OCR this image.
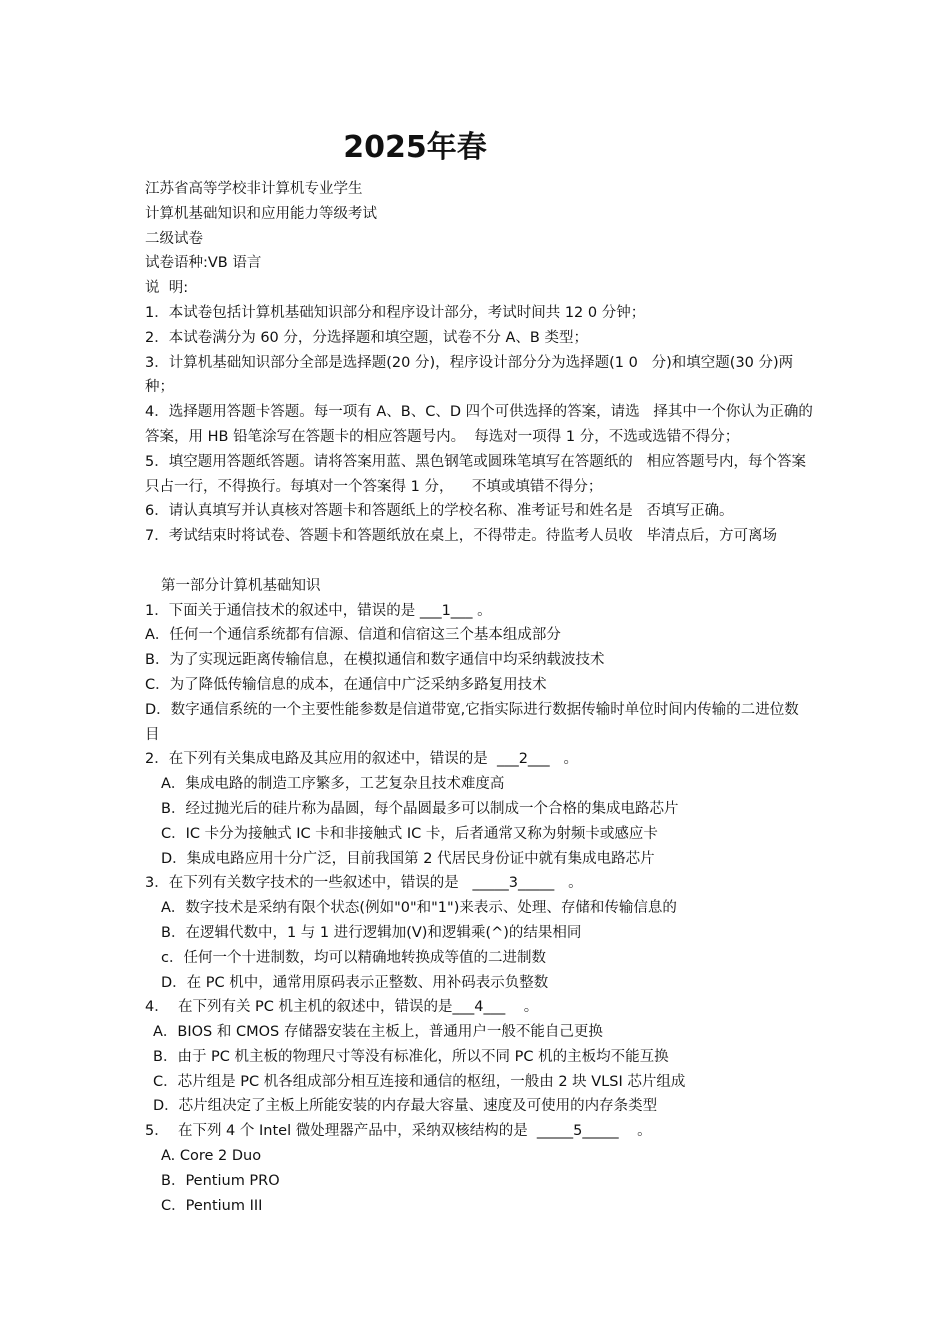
2025年春

江苏省高等学校非计算机专业学生

计算机基础知识和应用能力等级考试

二级试卷

试卷语种:VB 语言

说  明:

1．本试卷包括计算机基础知识部分和程序设计部分，考试时间共 12 0 分钟；

2．本试卷满分为 60 分，分选择题和填空题，试卷不分 A、B 类型；

3．计算机基础知识部分全部是选择题(20 分)，程序设计部分分为选择题(1 0   分)和填空题(30 分)两种；

4．选择题用答题卡答题。每一项有 A、B、C、D 四个可供选择的答案，请选   择其中一个你认为正确的答案，用 HB 铅笔涂写在答题卡的相应答题号内。  每选对一项得 1 分，不选或选错不得分；

5．填空题用答题纸答题。请将答案用蓝、黑色钢笔或圆珠笔填写在答题纸的   相应答题号内，每个答案只占一行，不得换行。每填对一个答案得 1 分，    不填或填错不得分；

6．请认真填写并认真核对答题卡和答题纸上的学校名称、准考证号和姓名是   否填写正确。

7．考试结束时将试卷、答题卡和答题纸放在桌上，不得带走。待监考人员收   毕清点后，方可离场

第一部分计算机基础知识

1．下面关于通信技术的叙述中，错误的是 ___1___ 。

A．任何一个通信系统都有信源、信道和信宿这三个基本组成部分

B．为了实现远距离传输信息，在模拟通信和数字通信中均采纳载波技术

C．为了降低传输信息的成本，在通信中广泛采纳多路复用技术

D．数字通信系统的一个主要性能参数是信道带宽,它指实际进行数据传输时单位时间内传输的二进位数目

2．在下列有关集成电路及其应用的叙述中，错误的是  ___2___   。

A．集成电路的制造工序繁多，工艺复杂且技术难度高

B．经过抛光后的硅片称为晶圆，每个晶圆最多可以制成一个合格的集成电路芯片

C．IC 卡分为接触式 IC 卡和非接触式 IC 卡，后者通常又称为射频卡或感应卡

D．集成电路应用十分广泛，目前我国第 2 代居民身份证中就有集成电路芯片

3．在下列有关数字技术的一些叙述中，错误的是   _____3_____   。

A．数字技术是采纳有限个状态(例如"0"和"1")来表示、处理、存储和传输信息的

B．在逻辑代数中，1 与 1 进行逻辑加(V)和逻辑乘(^)的结果相同

c．任何一个十进制数，均可以精确地转换成等值的二进制数

D．在 PC 机中，通常用原码表示正整数、用补码表示负整数

4．  在下列有关 PC 机主机的叙述中，错误的是___4___    。

A．BIOS 和 CMOS 存储器安装在主板上，普通用户一般不能自己更换

B．由于 PC 机主板的物理尺寸等没有标准化，所以不同 PC 机的主板均不能互换

C．芯片组是 PC 机各组成部分相互连接和通信的枢纽，一般由 2 块 VLSI 芯片组成

D．芯片组决定了主板上所能安装的内存最大容量、速度及可使用的内存条类型

5．  在下列 4 个 Intel 微处理器产品中，采纳双核结构的是  _____5_____    。

A. Core 2 Duo

B．Pentium PRO

C．Pentium III
